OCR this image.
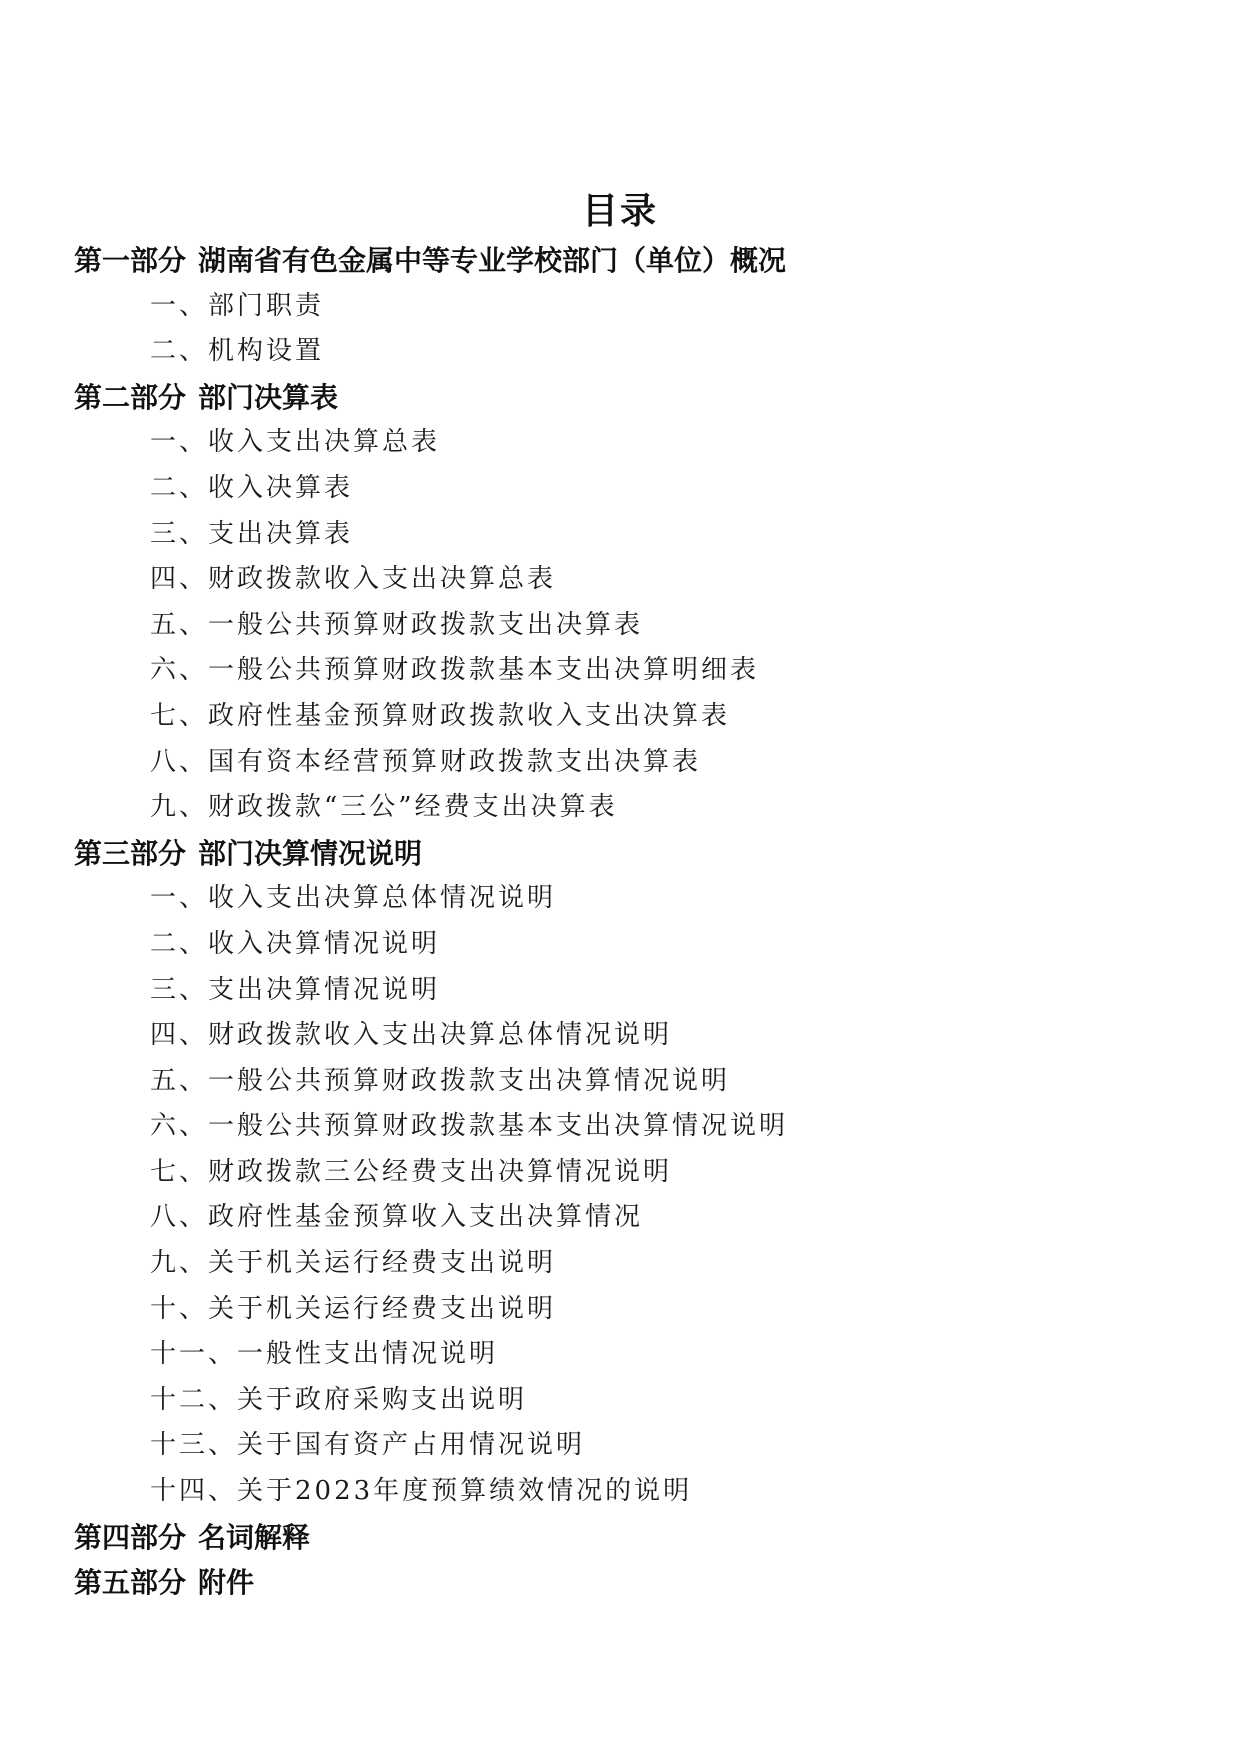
目录
第一部分 湖南省有色金属中等专业学校部门（单位）概况
一、部门职责
二、机构设置
第二部分 部门决算表
一、收入支出决算总表
二、收入决算表
三、支出决算表
四、财政拨款收入支出决算总表
五、一般公共预算财政拨款支出决算表
六、一般公共预算财政拨款基本支出决算明细表
七、政府性基金预算财政拨款收入支出决算表
八、国有资本经营预算财政拨款支出决算表
九、财政拨款“三公”经费支出决算表
第三部分 部门决算情况说明
一、收入支出决算总体情况说明
二、收入决算情况说明
三、支出决算情况说明
四、财政拨款收入支出决算总体情况说明
五、一般公共预算财政拨款支出决算情况说明
六、一般公共预算财政拨款基本支出决算情况说明
七、财政拨款三公经费支出决算情况说明
八、政府性基金预算收入支出决算情况
九、关于机关运行经费支出说明
十、关于机关运行经费支出说明
十一、一般性支出情况说明
十二、关于政府采购支出说明
十三、关于国有资产占用情况说明
十四、关于2023年度预算绩效情况的说明
第四部分 名词解释
第五部分 附件
